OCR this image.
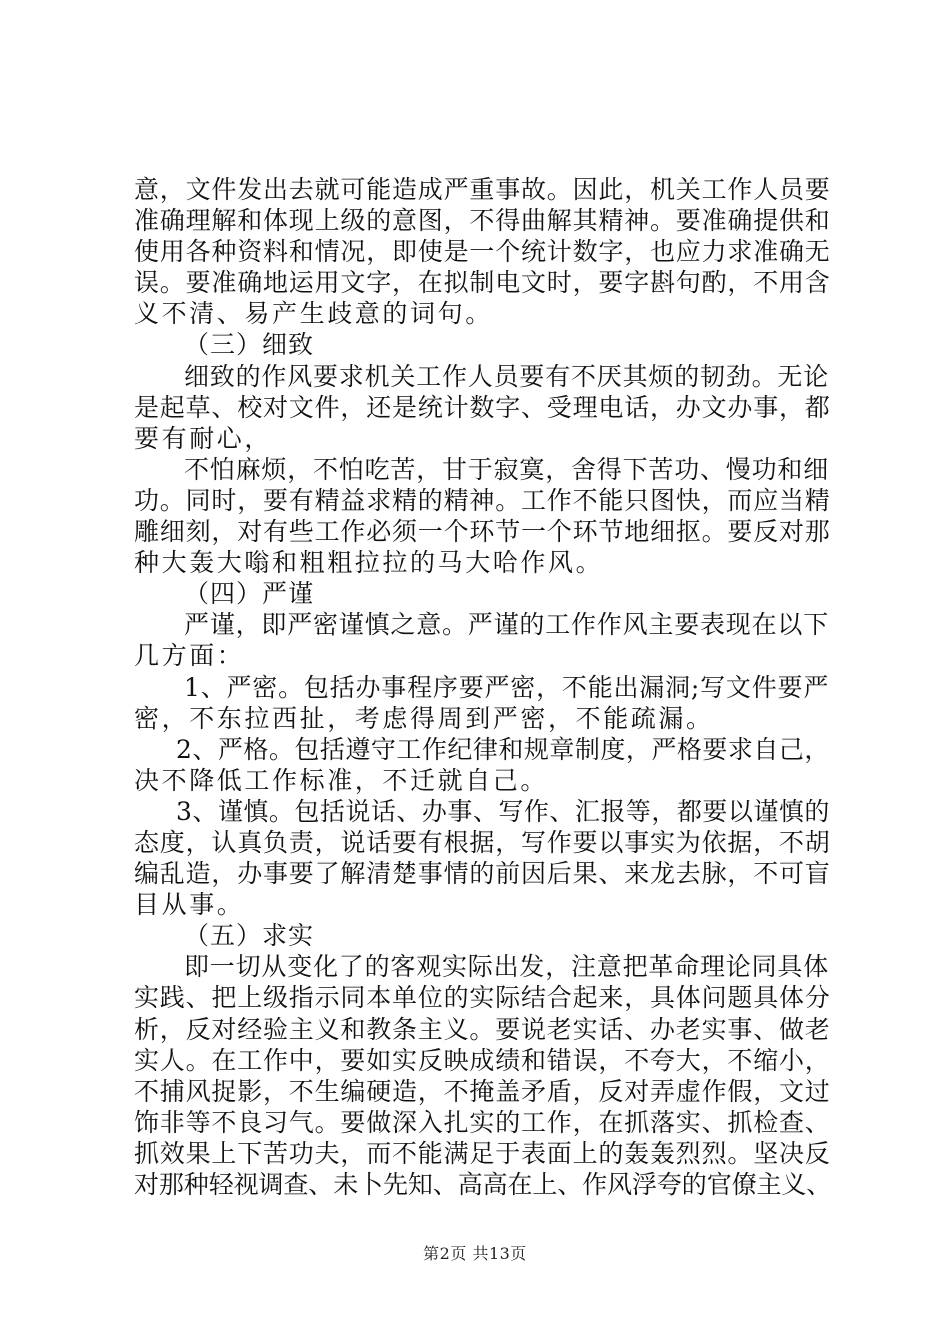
意，文件发出去就可能造成严重事故。因此，机关工作人员要
准确理解和体现上级的意图，不得曲解其精神。要准确提供和
使用各种资料和情况，即使是一个统计数字，也应力求准确无
误。要准确地运用文字，在拟制电文时，要字斟句酌，不用含
义不清、易产生歧意的词句。
（三）细致
细致的作风要求机关工作人员要有不厌其烦的韧劲。无论
是起草、校对文件，还是统计数字、受理电话，办文办事，都
要有耐心，
不怕麻烦，不怕吃苦，甘于寂寞，舍得下苦功、慢功和细
功。同时，要有精益求精的精神。工作不能只图快，而应当精
雕细刻，对有些工作必须一个环节一个环节地细抠。要反对那
种大轰大嗡和粗粗拉拉的马大哈作风。
（四）严谨
严谨，即严密谨慎之意。严谨的工作作风主要表现在以下
几方面：
1、严密。包括办事程序要严密，不能出漏洞;写文件要严
密，不东拉西扯，考虑得周到严密，不能疏漏。
2、严格。包括遵守工作纪律和规章制度，严格要求自己，
决不降低工作标准，不迁就自己。
3、谨慎。包括说话、办事、写作、汇报等，都要以谨慎的
态度，认真负责，说话要有根据，写作要以事实为依据，不胡
编乱造，办事要了解清楚事情的前因后果、来龙去脉，不可盲
目从事。
（五）求实
即一切从变化了的客观实际出发，注意把革命理论同具体
实践、把上级指示同本单位的实际结合起来，具体问题具体分
析，反对经验主义和教条主义。要说老实话、办老实事、做老
实人。在工作中，要如实反映成绩和错误，不夸大，不缩小，
不捕风捉影，不生编硬造，不掩盖矛盾，反对弄虚作假，文过
饰非等不良习气。要做深入扎实的工作，在抓落实、抓检查、
抓效果上下苦功夫，而不能满足于表面上的轰轰烈烈。坚决反
对那种轻视调查、未卜先知、高高在上、作风浮夸的官僚主义、
第2页 共13页
